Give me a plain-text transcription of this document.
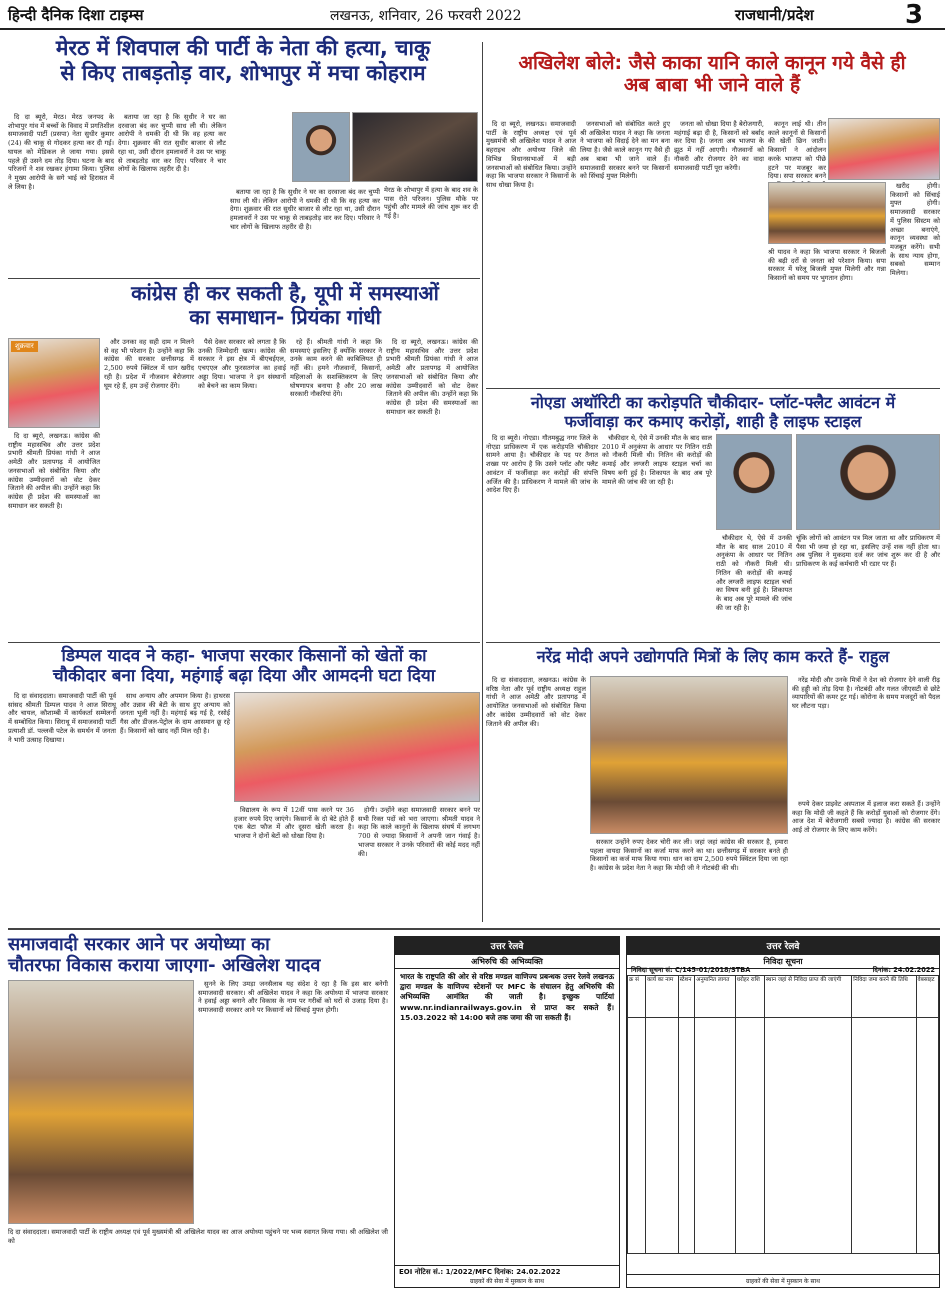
हिन्दी दैनिक दिशा टाइम्स	लखनऊ, शनिवार, 26 फरवरी 2022	राजधानी/प्रदेश	3
मेरठ में शिवपाल की पार्टी के नेता की हत्या, चाकू
से किए ताबड़तोड़ वार, शोभापुर में मचा कोहराम

दि दा ब्यूरो, मेरठ। मेरठ जनपद के शोभापुर गांव में बच्चों के विवाद में प्रगतिशील समाजवादी पार्टी (प्रसपा) नेता सुधीर कुमार (24) की चाकू से गोदकर हत्या कर दी गई। घायल को मेडिकल ले जाया गया। इससे पहले ही उसने दम तोड़ दिया। घटना के बाद परिजनों ने शव रखकर हंगामा किया। पुलिस ने मुख्य आरोपी के सगे भाई को हिरासत में ले लिया है।

बताया जा रहा है कि सुधीर ने घर का दरवाजा बंद कर चुप्पी साध ली थी। लेकिन आरोपी ने धमकी दी थी कि वह हत्या कर देगा। शुक्रवार की रात सुधीर बाजार से लौट रहा था, उसी दौरान हमलावरों ने उस पर चाकू से ताबड़तोड़ वार कर दिए। परिवार ने चार लोगों के खिलाफ तहरीर दी है।

बताया जा रहा है कि सुधीर ने घर का दरवाजा बंद कर चुप्पी साध ली थी। लेकिन आरोपी ने धमकी दी थी कि वह हत्या कर देगा। शुक्रवार की रात सुधीर बाजार से लौट रहा था, उसी दौरान हमलावरों ने उस पर चाकू से ताबड़तोड़ वार कर दिए। परिवार ने चार लोगों के खिलाफ तहरीर दी है।

मेरठ के शोभापुर में हत्या के बाद शव के पास रोते परिजन। पुलिस मौके पर पहुंची और मामले की जांच शुरू कर दी गई है।
अखिलेश बोले: जैसे काका यानि काले कानून गये वैसे ही
अब बाबा भी जाने वाले हैं

दि दा ब्यूरो, लखनऊ। समाजवादी पार्टी के राष्ट्रीय अध्यक्ष एवं पूर्व मुख्यमंत्री श्री अखिलेश यादव ने आज बहराइच और अयोध्या जिले की विभिन्न विधानसभाओं में बड़ी जनसभाओं को संबोधित किया। उन्होंने कहा कि भाजपा सरकार ने किसानों के साथ धोखा किया है।

जनसभाओं को संबोधित करते हुए श्री अखिलेश यादव ने कहा कि जनता ने भाजपा को विदाई देने का मन बना लिया है। जैसे काले कानून गए वैसे ही अब बाबा भी जाने वाले हैं। समाजवादी सरकार बनने पर किसानों को सिंचाई मुफ्त मिलेगी।

जनता को धोखा दिया है बेरोजगारी, महंगाई बढ़ा दी है, किसानों को बर्बाद कर दिया है। जनता अब भाजपा के झूठ में नहीं आएगी। नौजवानों को नौकरी और रोजगार देने का वादा समाजवादी पार्टी पूरा करेगी।

कानून लाई थी। तीन काले कानूनों से किसानों की खेती छिन जाती। किसानों ने आंदोलन करके भाजपा को पीछे हटने पर मजबूर कर दिया। सपा सरकार बनने

श्री यादव ने कहा कि भाजपा सरकार ने बिजली की बढ़ी दरों से जनता को परेशान किया। सपा सरकार में घरेलू बिजली मुफ्त मिलेगी और गन्ना किसानों को समय पर भुगतान होगा।

खरीद होगी। किसानों को सिंचाई मुफ्त होगी। समाजवादी सरकार में पुलिस सिस्टम को अच्छा बनाएंगे, कानून व्यवस्था को मजबूत करेंगे। सभी के साथ न्याय होगा, सबको सम्मान मिलेगा।

कांग्रेस ही कर सकती है, यूपी में समस्याओं
का समाधान- प्रियंका गांधी
शुक्रवार

दि दा ब्यूरो, लखनऊ। कांग्रेस की राष्ट्रीय महासचिव और उत्तर प्रदेश प्रभारी श्रीमती प्रियंका गांधी ने आज अमेठी और प्रतापगढ़ में आयोजित जनसभाओं को संबोधित किया और कांग्रेस उम्मीदवारों को वोट देकर जिताने की अपील की। उन्होंने कहा कि कांग्रेस ही प्रदेश की समस्याओं का समाधान कर सकती है।

और उनका वह सही दाम न मिलने से वह भी परेशान है। उन्होंने कहा कि कांग्रेस की सरकार छत्तीसगढ़ में 2,500 रुपये क्विंटल में धान खरीद रही है। प्रदेश में नौजवान बेरोजगार घूम रहे हैं, हम उन्हें रोजगार देंगे।

पैसे देकर सरकार को लगता है कि उनकी जिम्मेदारी खत्म। कांग्रेस की सरकार ने इस क्षेत्र में बीएचईएल, एचएएल और फुरसतगंज का हवाई अड्डा दिया। भाजपा ने इन संस्थानों को बेचने का काम किया।

रहे हैं। श्रीमती गांधी ने कहा कि समस्याएं इसलिए हैं क्योंकि सरकार ने उनके काम करने की काबिलियत ही नहीं की। हमने नौजवानों, किसानों, महिलाओं के सशक्तिकरण के लिए घोषणापत्र बनाया है और 20 लाख सरकारी नौकरियां देंगे।

दि दा ब्यूरो, लखनऊ। कांग्रेस की राष्ट्रीय महासचिव और उत्तर प्रदेश प्रभारी श्रीमती प्रियंका गांधी ने आज अमेठी और प्रतापगढ़ में आयोजित जनसभाओं को संबोधित किया और कांग्रेस उम्मीदवारों को वोट देकर जिताने की अपील की। उन्होंने कहा कि कांग्रेस ही प्रदेश की समस्याओं का समाधान कर सकती है।	नोएडा अथॉरिटी का करोड़पति चौकीदार- प्लॉट-फ्लैट आवंटन में
फर्जीवाड़ा कर कमाए करोड़ों, शाही है लाइफ स्टाइल

दि दा ब्यूरो। नोएडा। गौतमबुद्ध नगर जिले के नोएडा प्राधिकरण में एक करोड़पति चौकीदार सामने आया है। चौकीदार के पद पर तैनात शख्स पर आरोप है कि उसने प्लॉट और फ्लैट आवंटन में फर्जीवाड़ा कर करोड़ों की संपत्ति अर्जित की है। प्राधिकरण ने मामले की जांच के आदेश दिए हैं।

चौकीदार थे, ऐसे में उनकी मौत के बाद साल 2010 में अनुकंपा के आधार पर नितिन राठी को नौकरी मिली थी। नितिन की करोड़ों की कमाई और लग्जरी लाइफ स्टाइल चर्चा का विषय बनी हुई है। शिकायत के बाद अब पूरे मामले की जांच की जा रही है।

चूंकि लोगों को आवंटन पत्र मिल जाता था और प्राधिकरण में पैसा भी जमा हो रहा था, इसलिए उन्हें शक नहीं होता था। अब पुलिस ने मुकदमा दर्ज कर जांच शुरू कर दी है और प्राधिकरण के कई कर्मचारी भी रडार पर हैं।

चौकीदार थे, ऐसे में उनकी मौत के बाद साल 2010 में अनुकंपा के आधार पर नितिन राठी को नौकरी मिली थी। नितिन की करोड़ों की कमाई और लग्जरी लाइफ स्टाइल चर्चा का विषय बनी हुई है। शिकायत के बाद अब पूरे मामले की जांच की जा रही है।

डिम्पल यादव ने कहा- भाजपा सरकार किसानों को खेतों का
चौकीदार बना दिया, महंगाई बढ़ा दिया और आमदनी घटा दिया

दि दा संवाददाता। समाजवादी पार्टी की पूर्व सांसद श्रीमती डिम्पल यादव ने आज सिराथू और चायल, कौशाम्बी में कार्यकर्ता सम्मेलनों में सम्बोधित किया। सिराथू में समाजवादी पार्टी प्रत्याशी डॉ. पल्लवी पटेल के समर्थन में जनता ने भारी उत्साह दिखाया।

साथ अन्याय और अपमान किया है। हाथरस और उन्नाव की बेटी के साथ हुए अन्याय को जनता भूली नहीं है। महंगाई बढ़ गई है, रसोई गैस और डीजल-पेट्रोल के दाम आसमान छू रहे हैं। किसानों को खाद नहीं मिल रही है।

विद्यालय के रूप में 12वीं पास करने पर 36 हजार रुपये दिए जाएंगे। किसानों के दो बेटे होते हैं एक बेटा फौज में और दूसरा खेती करता है। भाजपा ने दोनों बेटों को धोखा दिया है।

होगी। उन्होंने कहा समाजवादी सरकार बनने पर सभी रिक्त पदों को भरा जाएगा। श्रीमती यादव ने कहा कि काले कानूनों के खिलाफ संघर्ष में लगभग 700 से ज्यादा किसानों ने अपनी जान गंवाई है। भाजपा सरकार ने उनके परिवारों की कोई मदद नहीं की।

नरेंद्र मोदी अपने उद्योगपति मित्रों के लिए काम करते हैं- राहुल

दि दा संवाददाता, लखनऊ। कांग्रेस के वरिष्ठ नेता और पूर्व राष्ट्रीय अध्यक्ष राहुल गांधी ने आज अमेठी और प्रतापगढ़ में आयोजित जनसभाओं को संबोधित किया और कांग्रेस उम्मीदवारों को वोट देकर जिताने की अपील की।

सरकार उन्होंने रुपए देकर चोरी कर ली। जहां जहां कांग्रेस की सरकार है, हमारा पहला वायदा किसानों का कर्जा माफ करने का था। छत्तीसगढ़ में सरकार बनते ही किसानों का कर्ज माफ किया गया। धान का दाम 2,500 रुपये क्विंटल दिया जा रहा है। कांग्रेस के प्रदेश नेता ने कहा कि मोदी जी ने नोटबंदी की थी।

नरेंद्र मोदी और उनके मित्रों ने देश को रोजगार देने वाली रीढ़ की हड्डी को तोड़ दिया है। नोटबंदी और गलत जीएसटी से छोटे व्यापारियों की कमर टूट गई। कोरोना के समय मजदूरों को पैदल घर लौटना पड़ा।

रुपये देकर प्राइवेट अस्पताल में इलाज करा सकते हैं। उन्होंने कहा कि मोदी जी कहते हैं कि करोड़ों युवाओं को रोजगार देंगे। आज देश में बेरोजगारी सबसे ज्यादा है। कांग्रेस की सरकार आई तो रोजगार के लिए काम करेंगे।

समाजवादी सरकार आने पर अयोध्या का
चौतरफा विकास कराया जाएगा- अखिलेश यादव

सुनने के लिए उमड़ा जनसैलाब यह संदेश दे रहा है कि इस बार बनेगी समाजवादी सरकार। श्री अखिलेश यादव ने कहा कि अयोध्या में भाजपा सरकार ने हवाई अड्डा बनाने और विकास के नाम पर गरीबों को घरों से उजाड़ दिया है। समाजवादी सरकार आने पर किसानों को सिंचाई मुफ्त होगी।

दि दा संवाददाता। समाजवादी पार्टी के राष्ट्रीय अध्यक्ष एवं पूर्व मुख्यमंत्री श्री अखिलेश यादव का आज अयोध्या पहुंचने पर भव्य स्वागत किया गया। श्री अखिलेश जी को
उत्तर रेलवे
अभिरुचि की अभिव्यक्ति
भारत के राष्ट्रपति की ओर से वरिष्ठ मण्डल वाणिज्य प्रबन्धक उत्तर रेलवे लखनऊ द्वारा मण्डल के वाणिज्य स्टेशनों पर MFC के संचालन हेतु अभिरुचि की अभिव्यक्ति आमंत्रित की जाती है। इच्छुक पार्टियां www.nr.indianrailways.gov.in से प्राप्त कर सकते हैं। 15.03.2022 को 14:00 बजे तक जमा की जा सकती हैं।
EOI नोटिस सं.: 1/2022/MFC दिनांक: 24.02.2022
ग्राहकों की सेवा में मुस्कान के साथ
उत्तर रेलवे
निविदा सूचना
निविदा सूचना सं: C/145-01/2018/STBA	दिनांक: 24.02.2022
क्र सं	कार्य का नाम	स्टेशन	अनुमानित लागत	धरोहर राशि	स्थान जहां से निविदा प्राप्त की जाएंगी	निविदा जमा करने की तिथि	वेबसाइट

ग्राहकों की सेवा में मुस्कान के साथ
